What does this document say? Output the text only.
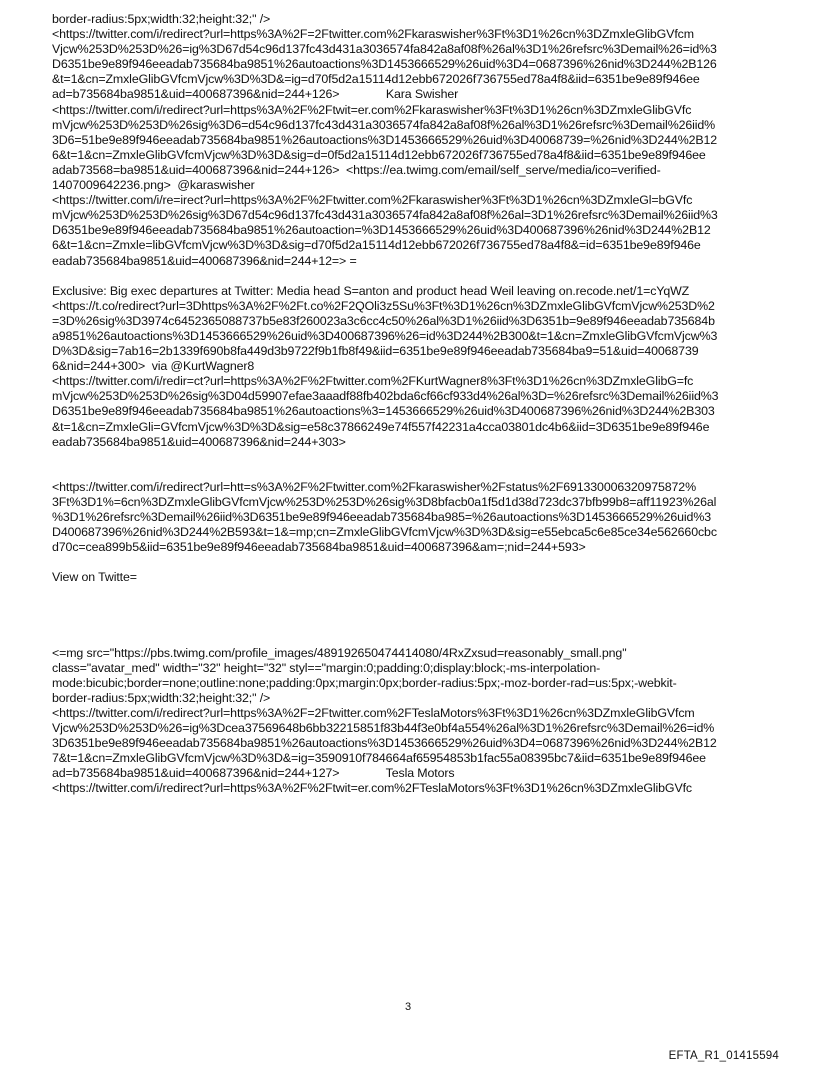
border-radius:5px;width:32;height:32;" />
<https://twitter.com/i/redirect?url=https%3A%2F=2Ftwitter.com%2Fkaraswisher%3Ft%3D1%26cn%3DZmxleGlibGVfcm
Vjcw%253D%253D%26=ig%3D67d54c96d137fc43d431a3036574fa842a8af08f%26al%3D1%26refsrc%3Demail%26=id%3
D6351be9e89f946eeadab735684ba9851%26autoactions%3D1453666529%26uid%3D4=0687396%26nid%3D244%2B126
&t=1&cn=ZmxleGlibGVfcmVjcw%3D%3D&=ig=d70f5d2a15114d12ebb672026f736755ed78a4f8&iid=6351be9e89f946ee
ad=b735684ba9851&uid=400687396&nid=244+126>              Kara Swisher
<https://twitter.com/i/redirect?url=https%3A%2F%2Ftwit=er.com%2Fkaraswisher%3Ft%3D1%26cn%3DZmxleGlibGVfc
mVjcw%253D%253D%26sig%3D6=d54c96d137fc43d431a3036574fa842a8af08f%26al%3D1%26refsrc%3Demail%26iid%
3D6=51be9e89f946eeadab735684ba9851%26autoactions%3D1453666529%26uid%3D40068739=%26nid%3D244%2B12
6&t=1&cn=ZmxleGlibGVfcmVjcw%3D%3D&sig=d=0f5d2a15114d12ebb672026f736755ed78a4f8&iid=6351be9e89f946ee
adab73568=ba9851&uid=400687396&nid=244+126>  <https://ea.twimg.com/email/self_serve/media/ico=verified-
1407009642236.png>  @karaswisher
<https://twitter.com/i/re=irect?url=https%3A%2F%2Ftwitter.com%2Fkaraswisher%3Ft%3D1%26cn%3DZmxleGl=bGVfc
mVjcw%253D%253D%26sig%3D67d54c96d137fc43d431a3036574fa842a8af08f%26al=3D1%26refsrc%3Demail%26iid%3
D6351be9e89f946eeadab735684ba9851%26autoaction=%3D1453666529%26uid%3D400687396%26nid%3D244%2B12
6&t=1&cn=Zmxle=libGVfcmVjcw%3D%3D&sig=d70f5d2a15114d12ebb672026f736755ed78a4f8&=id=6351be9e89f946e
eadab735684ba9851&uid=400687396&nid=244+12=> =
Exclusive: Big exec departures at Twitter: Media head S=anton and product head Weil leaving on.recode.net/1=cYqWZ
<https://t.co/redirect?url=3Dhttps%3A%2F%2Ft.co%2F2QOli3z5Su%3Ft%3D1%26cn%3DZmxleGlibGVfcmVjcw%253D%2
=3D%26sig%3D3974c6452365088737b5e83f260023a3c6cc4c50%26al%3D1%26iid%3D6351b=9e89f946eeadab735684b
a9851%26autoactions%3D1453666529%26uid%3D400687396%26=id%3D244%2B300&t=1&cn=ZmxleGlibGVfcmVjcw%3
D%3D&sig=7ab16=2b1339f690b8fa449d3b9722f9b1fb8f49&iid=6351be9e89f946eeadab735684ba9=51&uid=40068739
6&nid=244+300>  via @KurtWagner8
<https://twitter.com/i/redir=ct?url=https%3A%2F%2Ftwitter.com%2FKurtWagner8%3Ft%3D1%26cn%3DZmxleGlibG=fc
mVjcw%253D%253D%26sig%3D04d59907efae3aaadf88fb402bda6cf66cf933d4%26al%3D=%26refsrc%3Demail%26iid%3
D6351be9e89f946eeadab735684ba9851%26autoactions%3=1453666529%26uid%3D400687396%26nid%3D244%2B303
&t=1&cn=ZmxleGli=GVfcmVjcw%3D%3D&sig=e58c37866249e74f557f42231a4cca03801dc4b6&iid=3D6351be9e89f946e
eadab735684ba9851&uid=400687396&nid=244+303>
<https://twitter.com/i/redirect?url=htt=s%3A%2F%2Ftwitter.com%2Fkaraswisher%2Fstatus%2F691330006320975872%
3Ft%3D1%=6cn%3DZmxleGlibGVfcmVjcw%253D%253D%26sig%3D8bfacb0a1f5d1d38d723dc37bfb99b8=aff11923%26al
%3D1%26refsrc%3Demail%26iid%3D6351be9e89f946eeadab735684ba985=%26autoactions%3D1453666529%26uid%3
D400687396%26nid%3D244%2B593&t=1&=mp;cn=ZmxleGlibGVfcmVjcw%3D%3D&sig=e55ebca5c6e85ce34e562660cbc
d70c=cea899b5&iid=6351be9e89f946eeadab735684ba9851&uid=400687396&am=;nid=244+593>
View on Twitte=
<=mg src="https://pbs.twimg.com/profile_images/489192650474414080/4RxZxsud=reasonably_small.png"
class="avatar_med" width="32" height="32" styl=="margin:0;padding:0;display:block;-ms-interpolation-
mode:bicubic;border=none;outline:none;padding:0px;margin:0px;border-radius:5px;-moz-border-rad=us:5px;-webkit-
border-radius:5px;width:32;height:32;" />
<https://twitter.com/i/redirect?url=https%3A%2F=2Ftwitter.com%2FTeslaMotors%3Ft%3D1%26cn%3DZmxleGlibGVfcm
Vjcw%253D%253D%26=ig%3Dcea37569648b6bb32215851f83b44f3e0bf4a554%26al%3D1%26refsrc%3Demail%26=id%
3D6351be9e89f946eeadab735684ba9851%26autoactions%3D1453666529%26uid%3D4=0687396%26nid%3D244%2B12
7&t=1&cn=ZmxleGlibGVfcmVjcw%3D%3D&=ig=3590910f784664af65954853b1fac55a08395bc7&iid=6351be9e89f946ee
ad=b735684ba9851&uid=400687396&nid=244+127>              Tesla Motors
<https://twitter.com/i/redirect?url=https%3A%2F%2Ftwit=er.com%2FTeslaMotors%3Ft%3D1%26cn%3DZmxleGlibGVfc
3
EFTA_R1_01415594
